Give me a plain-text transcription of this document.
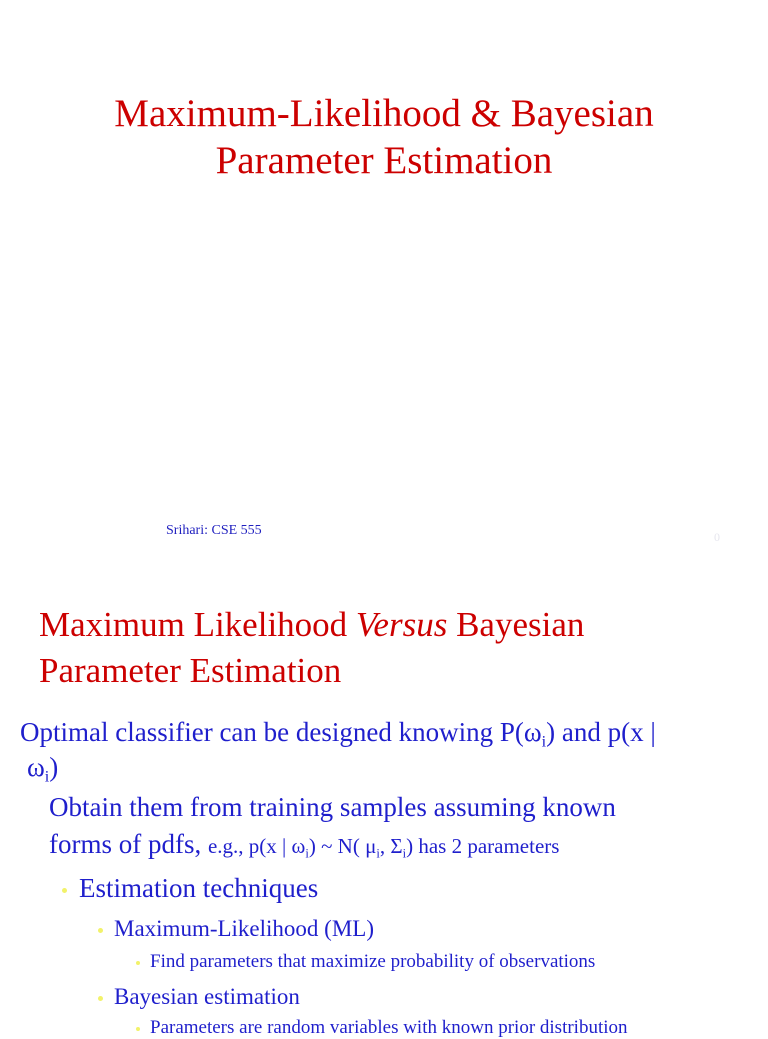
Maximum-Likelihood & Bayesian
Parameter Estimation
Srihari: CSE 555	0
Maximum Likelihood Versus Bayesian
Parameter Estimation
Optimal classifier can be designed knowing $P(\omega_i)$ and p(x |
$\omega_i$)
Obtain them from training samples assuming known
forms of pdfs, e.g., p(x | $\omega_i$) ~ N( $\mu_i$, $\Sigma_i$) has 2 parameters
Estimation techniques
Maximum-Likelihood (ML)
Find parameters that maximize probability of observations
Bayesian estimation
Parameters are random variables with known prior distribution
